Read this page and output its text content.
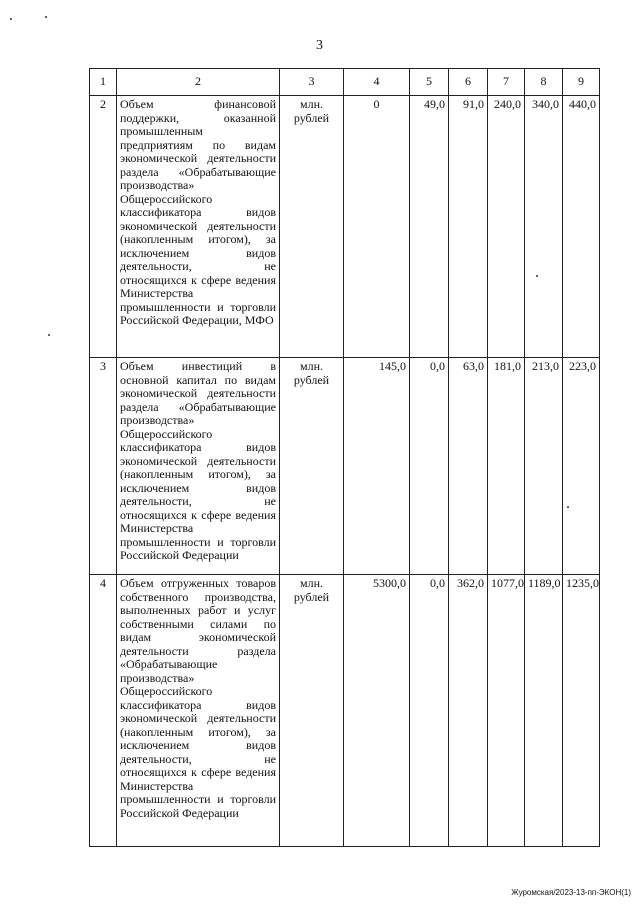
3
1	2	3	4	5	6	7	8	9
2	Объем финансовой поддержки, оказанной промышленным предприятиям по видам экономической деятельности раздела «Обрабатывающие производства» Общероссийского классификатора видов экономической деятельности (накопленным итогом), за исключением видов деятельности, не относящихся к сфере ведения Министерства промышленности и торговли Российской Федерации, МФО	млн. рублей	0	49,0	91,0	240,0	340,0	440,0
3	Объем инвестиций в основной капитал по видам экономической деятельности раздела «Обрабатывающие производства» Общероссийского классификатора видов экономической деятельности (накопленным итогом), за исключением видов деятельности, не относящихся к сфере ведения Министерства промышленности и торговли Российской Федерации	млн. рублей	145,0	0,0	63,0	181,0	213,0	223,0
4	Объем отгруженных товаров собственного производства, выполненных работ и услуг собственными силами по видам экономической деятельности раздела «Обрабатывающие производства» Общероссийского классификатора видов экономической деятельности (накопленным итогом), за исключением видов деятельности, не относящихся к сфере ведения Министерства промышленности и торговли Российской Федерации	млн. рублей	5300,0	0,0	362,0	1077,0	1189,0	1235,0
Журомская/2023-13-пп-ЭКОН(1)
